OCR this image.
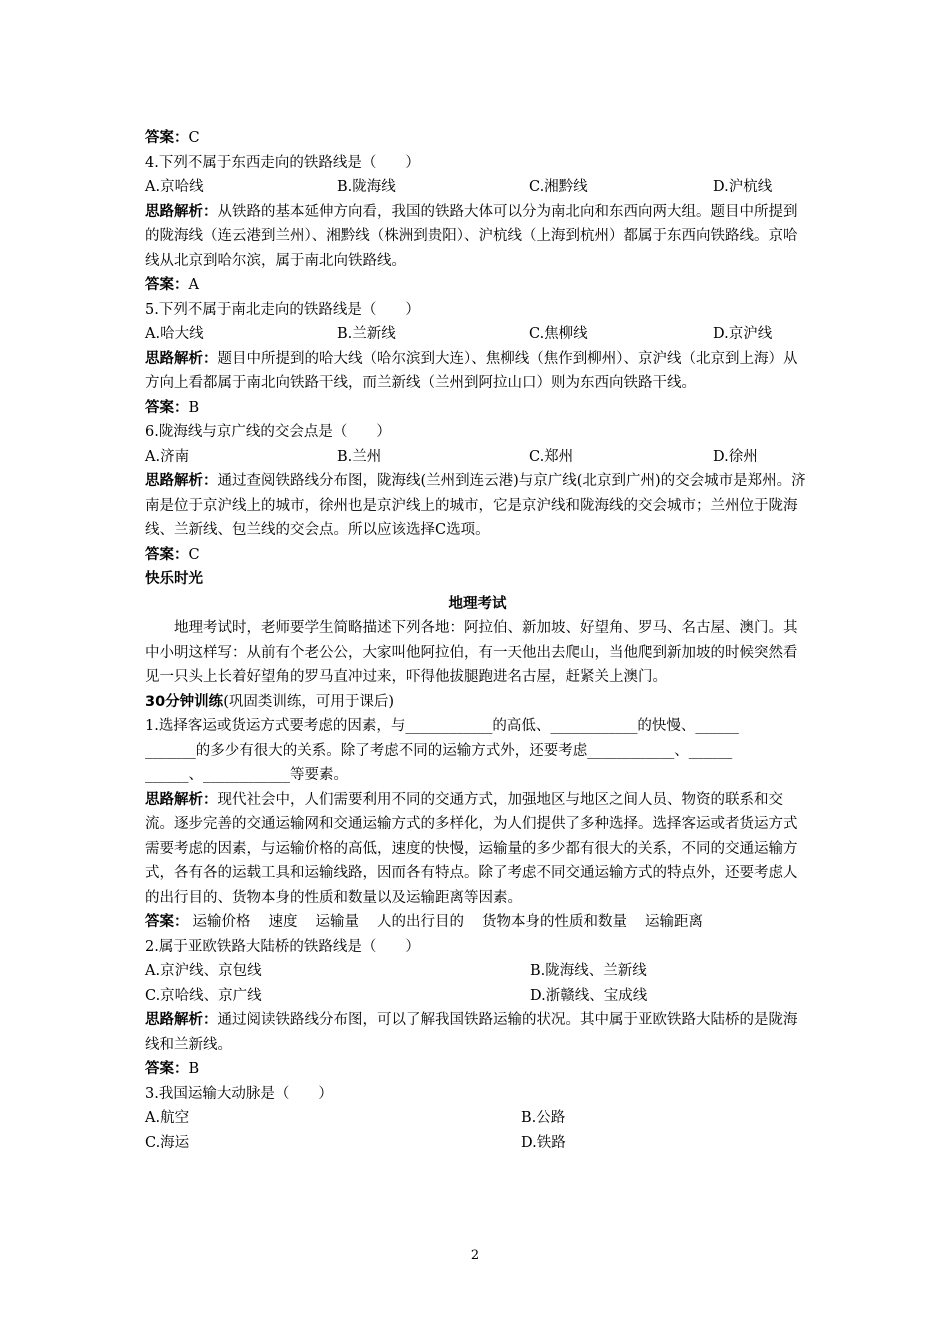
答案：C
4.下列不属于东西走向的铁路线是（　　）
A.京哈线	B.陇海线	C.湘黔线	D.沪杭线
思路解析：从铁路的基本延伸方向看，我国的铁路大体可以分为南北向和东西向两大组。题目中所提到的陇海线（连云港到兰州）、湘黔线（株洲到贵阳）、沪杭线（上海到杭州）都属于东西向铁路线。京哈线从北京到哈尔滨，属于南北向铁路线。
答案：A
5.下列不属于南北走向的铁路线是（　　）
A.哈大线	B.兰新线	C.焦柳线	D.京沪线
思路解析：题目中所提到的哈大线（哈尔滨到大连）、焦柳线（焦作到柳州）、京沪线（北京到上海）从方向上看都属于南北向铁路干线，而兰新线（兰州到阿拉山口）则为东西向铁路干线。
答案：B
6.陇海线与京广线的交会点是（　　）
A.济南	B.兰州	C.郑州	D.徐州
思路解析：通过查阅铁路线分布图，陇海线(兰州到连云港)与京广线(北京到广州)的交会城市是郑州。济南是位于京沪线上的城市，徐州也是京沪线上的城市，它是京沪线和陇海线的交会城市；兰州位于陇海线、兰新线、包兰线的交会点。所以应该选择C选项。
答案：C
快乐时光
地理考试
地理考试时，老师要学生简略描述下列各地：阿拉伯、新加坡、好望角、罗马、名古屋、澳门。其中小明这样写：从前有个老公公，大家叫他阿拉伯，有一天他出去爬山，当他爬到新加坡的时候突然看见一只头上长着好望角的罗马直冲过来，吓得他拔腿跑进名古屋，赶紧关上澳门。
30分钟训练(巩固类训练，可用于课后)
1.选择客运或货运方式要考虑的因素，与____________的高低、____________的快慢、______
_______的多少有很大的关系。除了考虑不同的运输方式外，还要考虑____________、______
______、____________等要素。
思路解析：现代社会中，人们需要利用不同的交通方式，加强地区与地区之间人员、物资的联系和交流。逐步完善的交通运输网和交通运输方式的多样化，为人们提供了多种选择。选择客运或者货运方式需要考虑的因素，与运输价格的高低，速度的快慢，运输量的多少都有很大的关系，不同的交通运输方式，各有各的运载工具和运输线路，因而各有特点。除了考虑不同交通运输方式的特点外，还要考虑人的出行目的、货物本身的性质和数量以及运输距离等因素。
答案： 运输价格 速度 运输量 人的出行目的 货物本身的性质和数量 运输距离
2.属于亚欧铁路大陆桥的铁路线是（　　）
A.京沪线、京包线	B.陇海线、兰新线
C.京哈线、京广线	D.浙赣线、宝成线
思路解析：通过阅读铁路线分布图，可以了解我国铁路运输的状况。其中属于亚欧铁路大陆桥的是陇海线和兰新线。
答案：B
3.我国运输大动脉是（　　）
A.航空	B.公路
C.海运	D.铁路
2
